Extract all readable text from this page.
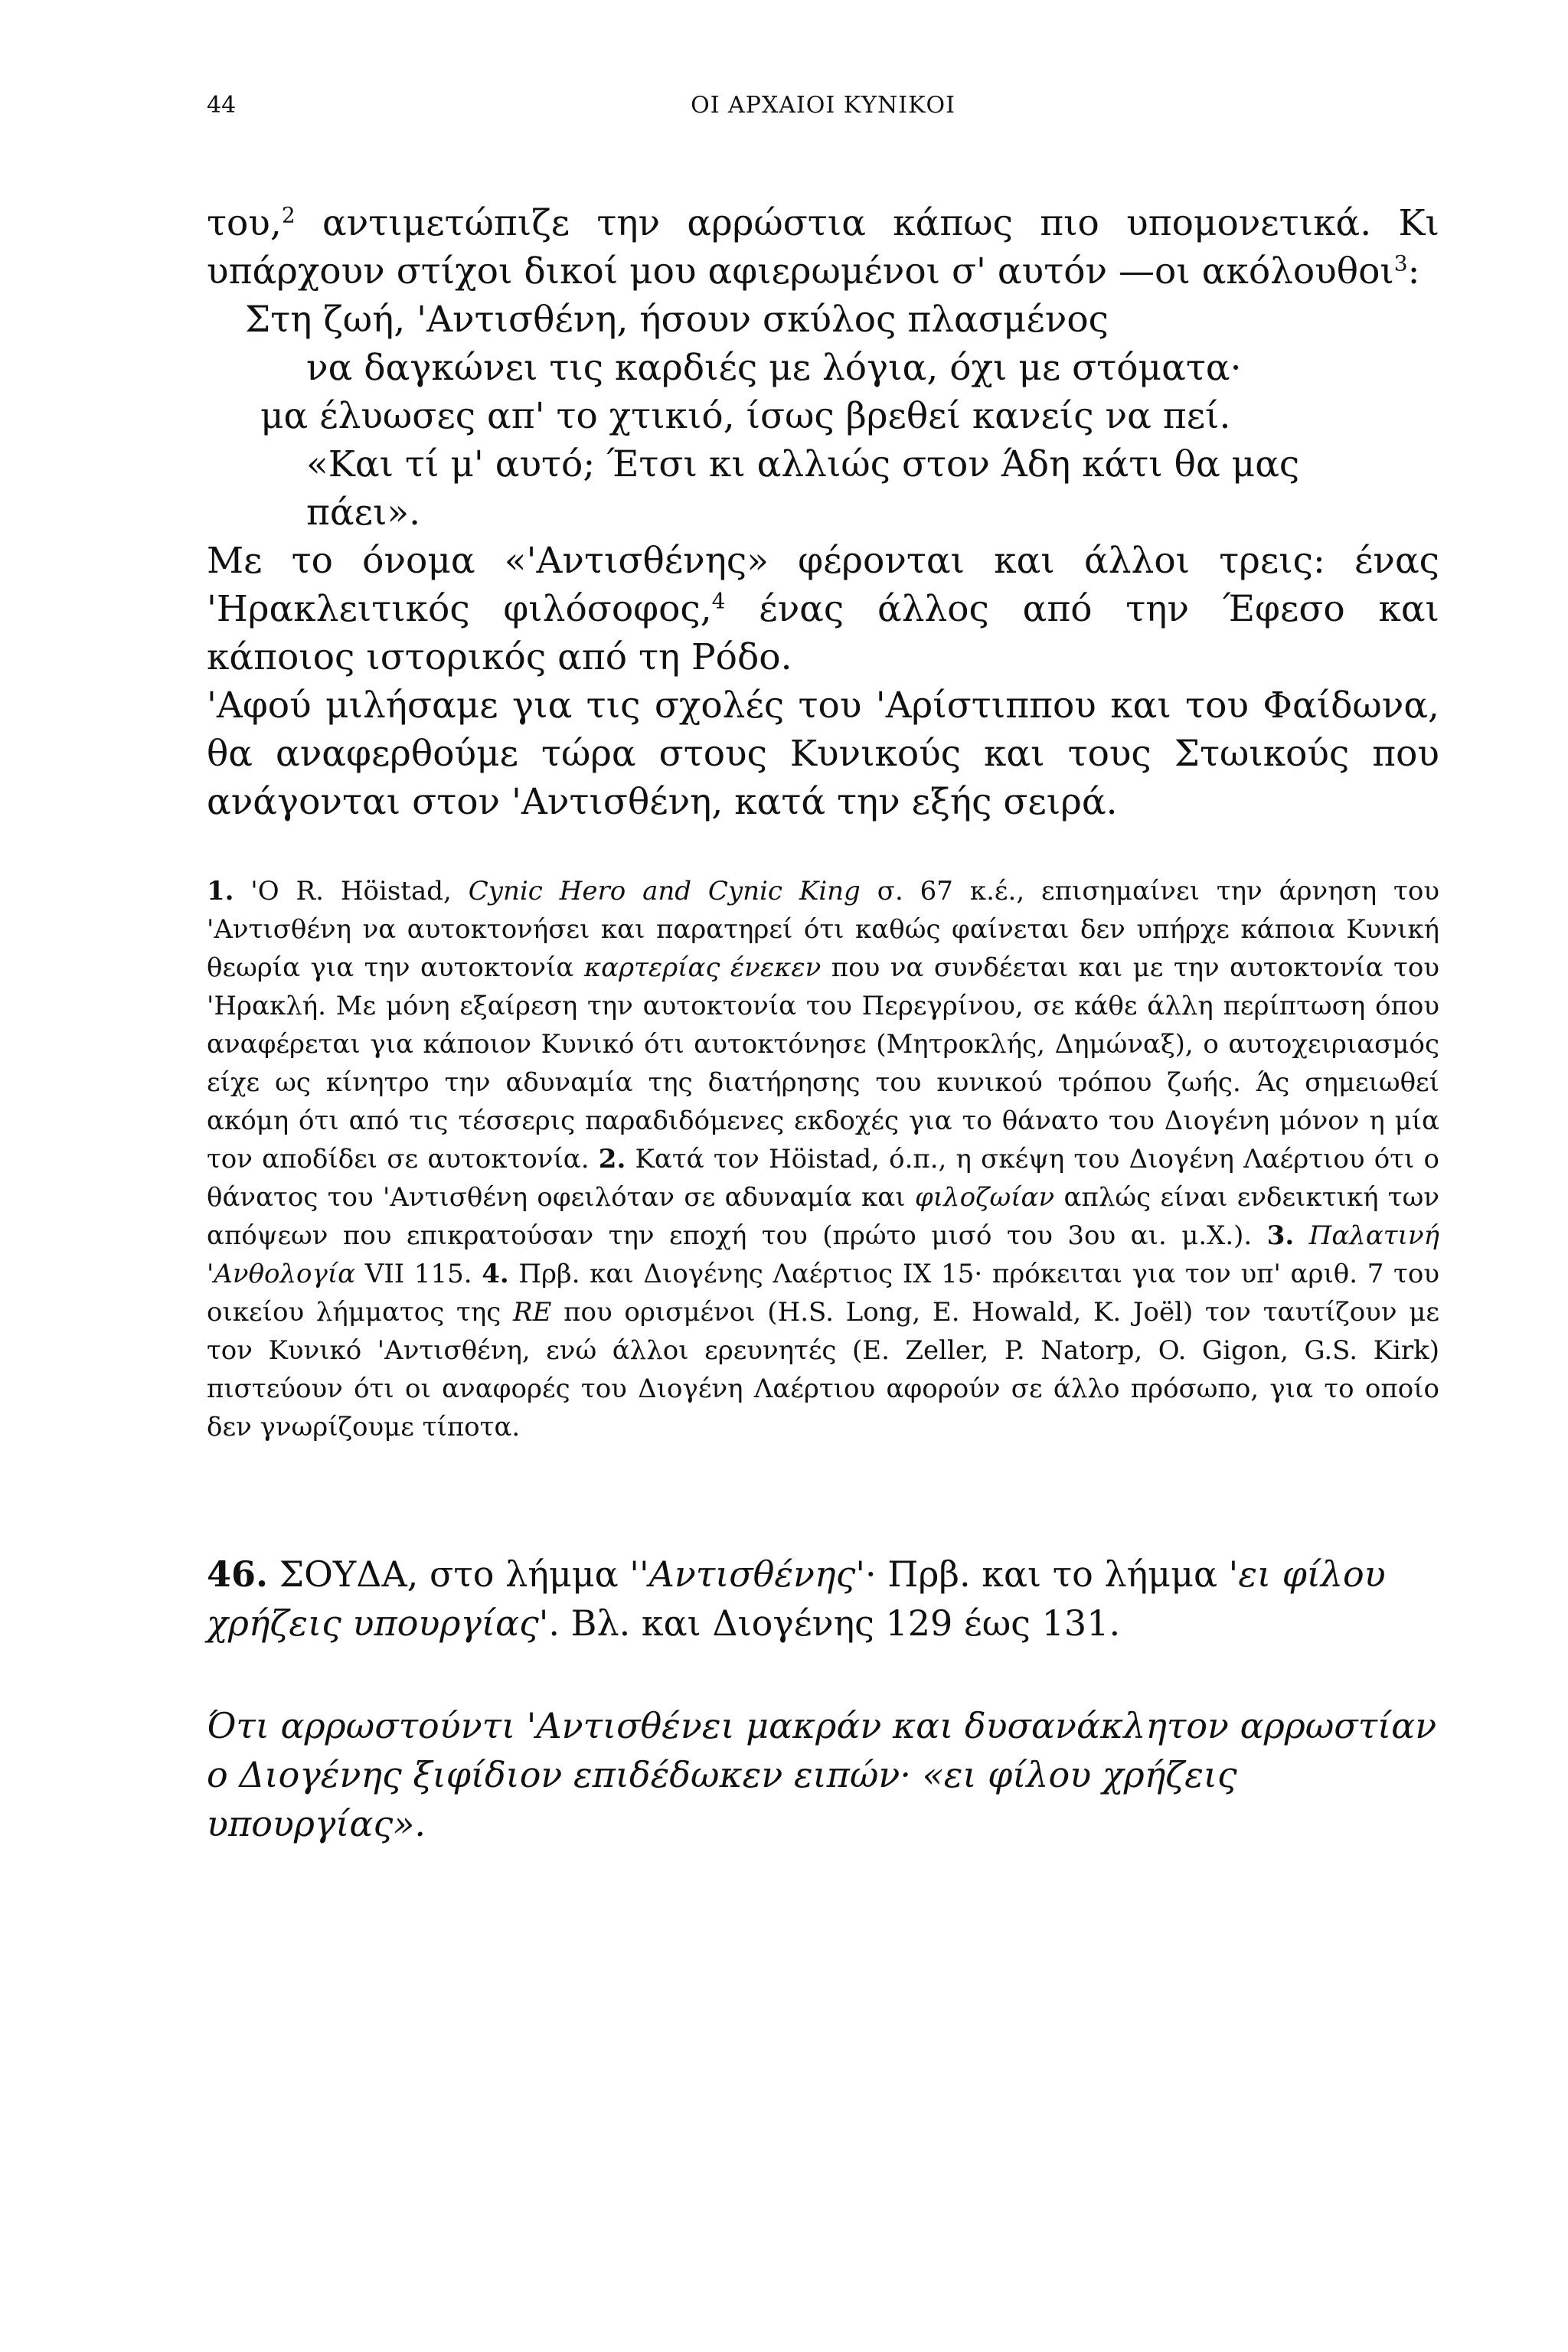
44	ΟΙ ΑΡΧΑΙΟΙ ΚΥΝΙΚΟΙ

του,$^2$ αντιμετώπιζε την αρρώστια κάπως πιο υπομονετικά. Κι υπάρχουν στίχοι δικοί μου αφιερωμένοι σ' αυτόν —οι ακόλουθοι$^3$:

Στη ζωή, 'Αντισθένη, ήσουν σκύλος πλασμένος

να δαγκώνει τις καρδιές με λόγια, όχι με στόματα·

μα έλυωσες απ' το χτικιό, ίσως βρεθεί κανείς να πεί.

«Και τί μ' αυτό; Έτσι κι αλλιώς στον Άδη κάτι θα μας

πάει».

Με το όνομα «'Αντισθένης» φέρονται και άλλοι τρεις: ένας 'Ηρακλειτικός φιλόσοφος,$^4$ ένας άλλος από την Έφεσο και κάποιος ιστορικός από τη Ρόδο.

'Αφού μιλήσαμε για τις σχολές του 'Αρίστιππου και του Φαίδωνα, θα αναφερθούμε τώρα στους Κυνικούς και τους Στωικούς που ανάγονται στον 'Αντισθένη, κατά την εξής σειρά.

1. 'Ο R. Höistad, Cynic Hero and Cynic King σ. 67 κ.έ., επισημαίνει την άρνηση του 'Αντισθένη να αυτοκτονήσει και παρατηρεί ότι καθώς φαίνεται δεν υπήρχε κάποια Κυνική θεωρία για την αυτοκτονία καρτερίας ένεκεν που να συνδέεται και με την αυτοκτονία του 'Ηρακλή. Με μόνη εξαίρεση την αυτοκτονία του Περεγρίνου, σε κάθε άλλη περίπτωση όπου αναφέρεται για κάποιον Κυνικό ότι αυτοκτόνησε (Μητροκλής, Δημώναξ), ο αυτοχειριασμός είχε ως κίνητρο την αδυναμία της διατήρησης του κυνικού τρόπου ζωής. Άς σημειωθεί ακόμη ότι από τις τέσσερις παραδιδόμενες εκδοχές για το θάνατο του Διογένη μόνον η μία τον αποδίδει σε αυτοκτονία. 2. Κατά τον Höistad, ό.π., η σκέψη του Διογένη Λαέρτιου ότι ο θάνατος του 'Αντισθένη οφειλόταν σε αδυναμία και φιλοζωίαν απλώς είναι ενδεικτική των απόψεων που επικρατούσαν την εποχή του (πρώτο μισό του 3ου αι. μ.Χ.). 3. Παλατινή 'Ανθολογία VII 115. 4. Πρβ. και Διογένης Λαέρτιος IX 15· πρόκειται για τον υπ' αριθ. 7 του οικείου λήμματος της RE που ορισμένοι (H.S. Long, E. Howald, K. Joël) τον ταυτίζουν με τον Κυνικό 'Αντισθένη, ενώ άλλοι ερευνητές (E. Zeller, P. Natorp, O. Gigon, G.S. Kirk) πιστεύουν ότι οι αναφορές του Διογένη Λαέρτιου αφορούν σε άλλο πρόσωπο, για το οποίο δεν γνωρίζουμε τίποτα.

46. ΣΟΥΔΑ, στο λήμμα ''Αντισθένης'· Πρβ. και το λήμμα 'ει φίλου χρήζεις υπουργίας'. Βλ. και Διογένης 129 έως 131.

Ότι αρρωστούντι 'Αντισθένει μακράν και δυσανάκλητον αρρωστίαν ο Διογένης ξιφίδιον επιδέδωκεν ειπών· «ει φίλου χρήζεις υπουργίας».
